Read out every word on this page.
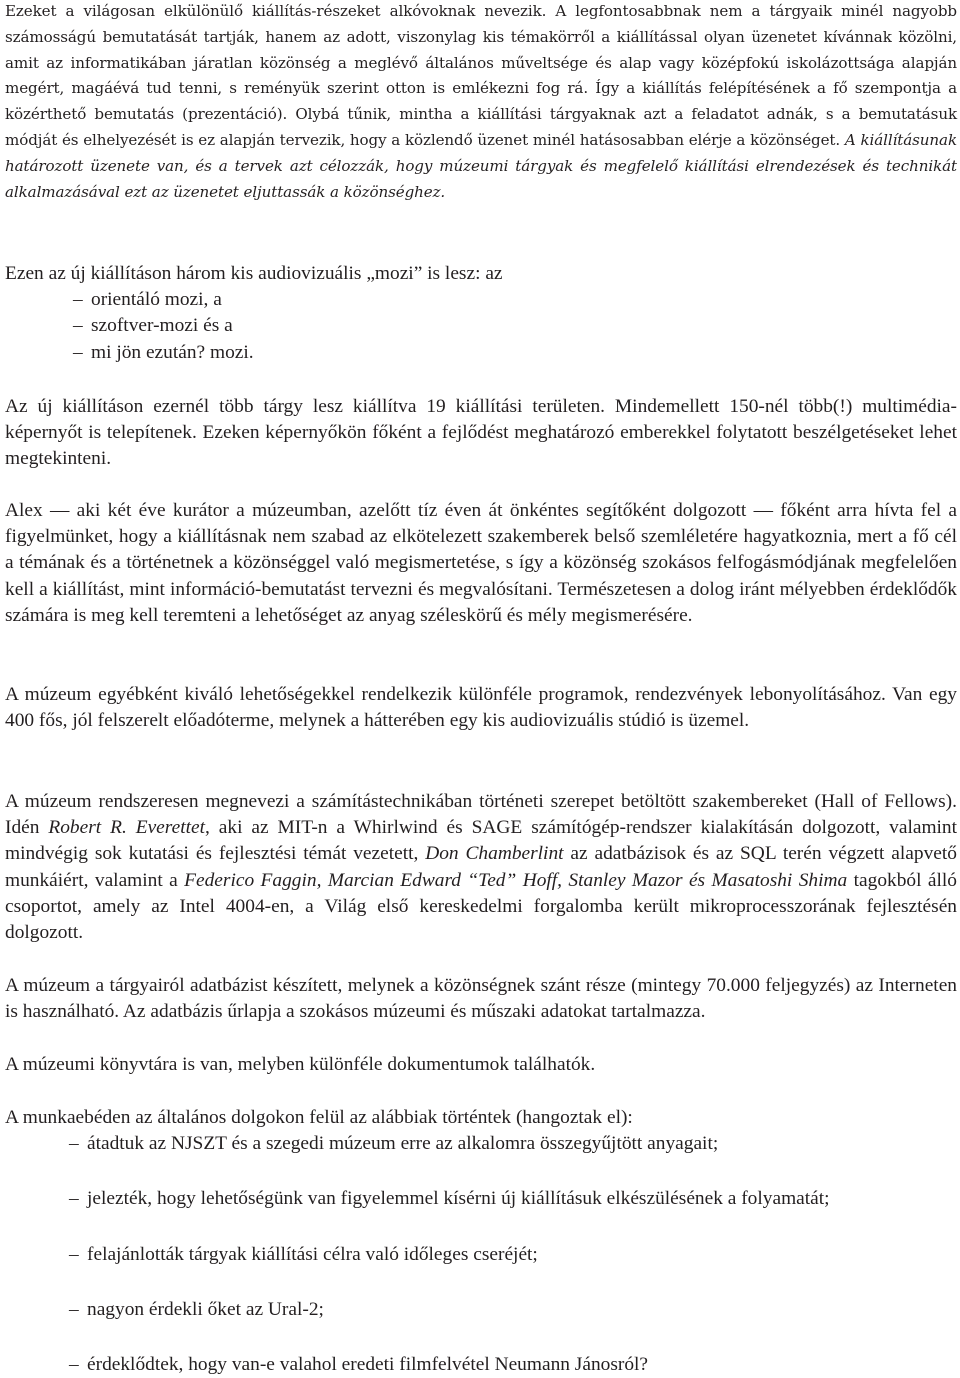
Ezeket a világosan elkülönülő kiállítás-részeket alkóvoknak nevezik. A legfontosabbnak nem a tárgyaik minél nagyobb számosságú bemutatását tartják, hanem az adott, viszonylag kis témakörről a kiállítással olyan üzenetet kívánnak közölni, amit az informatikában járatlan közönség a meglévő általános műveltsége és alap vagy középfokú iskolázottsága alapján megért, magáévá tud tenni, s reményük szerint otton is emlékezni fog rá. Így a kiállítás felépítésének a fő szempontja a közérthető bemutatás (prezentáció). Olybá tűnik, mintha a kiállítási tárgyaknak azt a feladatot adnák, s a bemutatásuk módját és elhelyezését is ez alapján tervezik, hogy a közlendő üzenet minél hatásosabban elérje a közönséget. A kiállításunak határozott üzenete van, és a tervek azt célozzák, hogy múzeumi tárgyak és megfelelő kiállítási elrendezések és technikát alkalmazásával ezt az üzenetet eljuttassák a közönséghez.

Ezen az új kiállításon három kis audiovizuális „mozi” is lesz: az

– orientáló mozi, a
– szoftver-mozi és a
– mi jön ezután? mozi.

Az új kiállításon ezernél több tárgy lesz kiállítva 19 kiállítási területen. Mindemellett 150-nél több(!) multimédia-képernyőt is telepítenek. Ezeken képernyőkön főként a fejlődést meghatározó emberekkel folytatott beszélgetéseket lehet megtekinteni.

Alex — aki két éve kurátor a múzeumban, azelőtt tíz éven át önkéntes segítőként dolgozott — főként arra hívta fel a figyelmünket, hogy a kiállításnak nem szabad az elkötelezett szakemberek belső szemléletére hagyatkoznia, mert a fő cél a témának és a történetnek a közönséggel való megismertetése, s így a közönség szokásos felfogásmódjának megfelelően kell a kiállítást, mint információ-bemutatást tervezni és megvalósítani. Természetesen a dolog iránt mélyebben érdeklődők számára is meg kell teremteni a lehetőséget az anyag széleskörű és mély megismerésére.

A múzeum egyébként kiváló lehetőségekkel rendelkezik különféle programok, rendezvények lebonyolításához. Van egy 400 fős, jól felszerelt előadóterme, melynek a hátterében egy kis audiovizuális stúdió is üzemel.

A múzeum rendszeresen megnevezi a számítástechnikában történeti szerepet betöltött szakembereket (Hall of Fellows). Idén Robert R. Everettet, aki az MIT-n a Whirlwind és SAGE számítógép-rendszer kialakításán dolgozott, valamint mindvégig sok kutatási és fejlesztési témát vezetett, Don Chamberlint az adatbázisok és az SQL terén végzett alapvető munkáiért, valamint a Federico Faggin, Marcian Edward “Ted” Hoff, Stanley Mazor és Masatoshi Shima tagokból álló csoportot, amely az Intel 4004-en, a Világ első kereskedelmi forgalomba került mikroprocesszorának fejlesztésén dolgozott.

A múzeum a tárgyairól adatbázist készített, melynek a közönségnek szánt része (mintegy 70.000 feljegyzés) az Interneten is használható. Az adatbázis űrlapja a szokásos múzeumi és műszaki adatokat tartalmazza.

A múzeumi könyvtára is van, melyben különféle dokumentumok találhatók.

A munkaebéden az általános dolgokon felül az alábbiak történtek (hangoztak el):

– átadtuk az NJSZT és a szegedi múzeum erre az alkalomra összegyűjtött anyagait;
– jelezték, hogy lehetőségünk van figyelemmel kísérni új kiállításuk elkészülésének a folyamatát;
– felajánlották tárgyak kiállítási célra való időleges cseréjét;
– nagyon érdekli őket az Ural-2;
– érdeklődtek, hogy van-e valahol eredeti filmfelvétel Neumann Jánosról?
